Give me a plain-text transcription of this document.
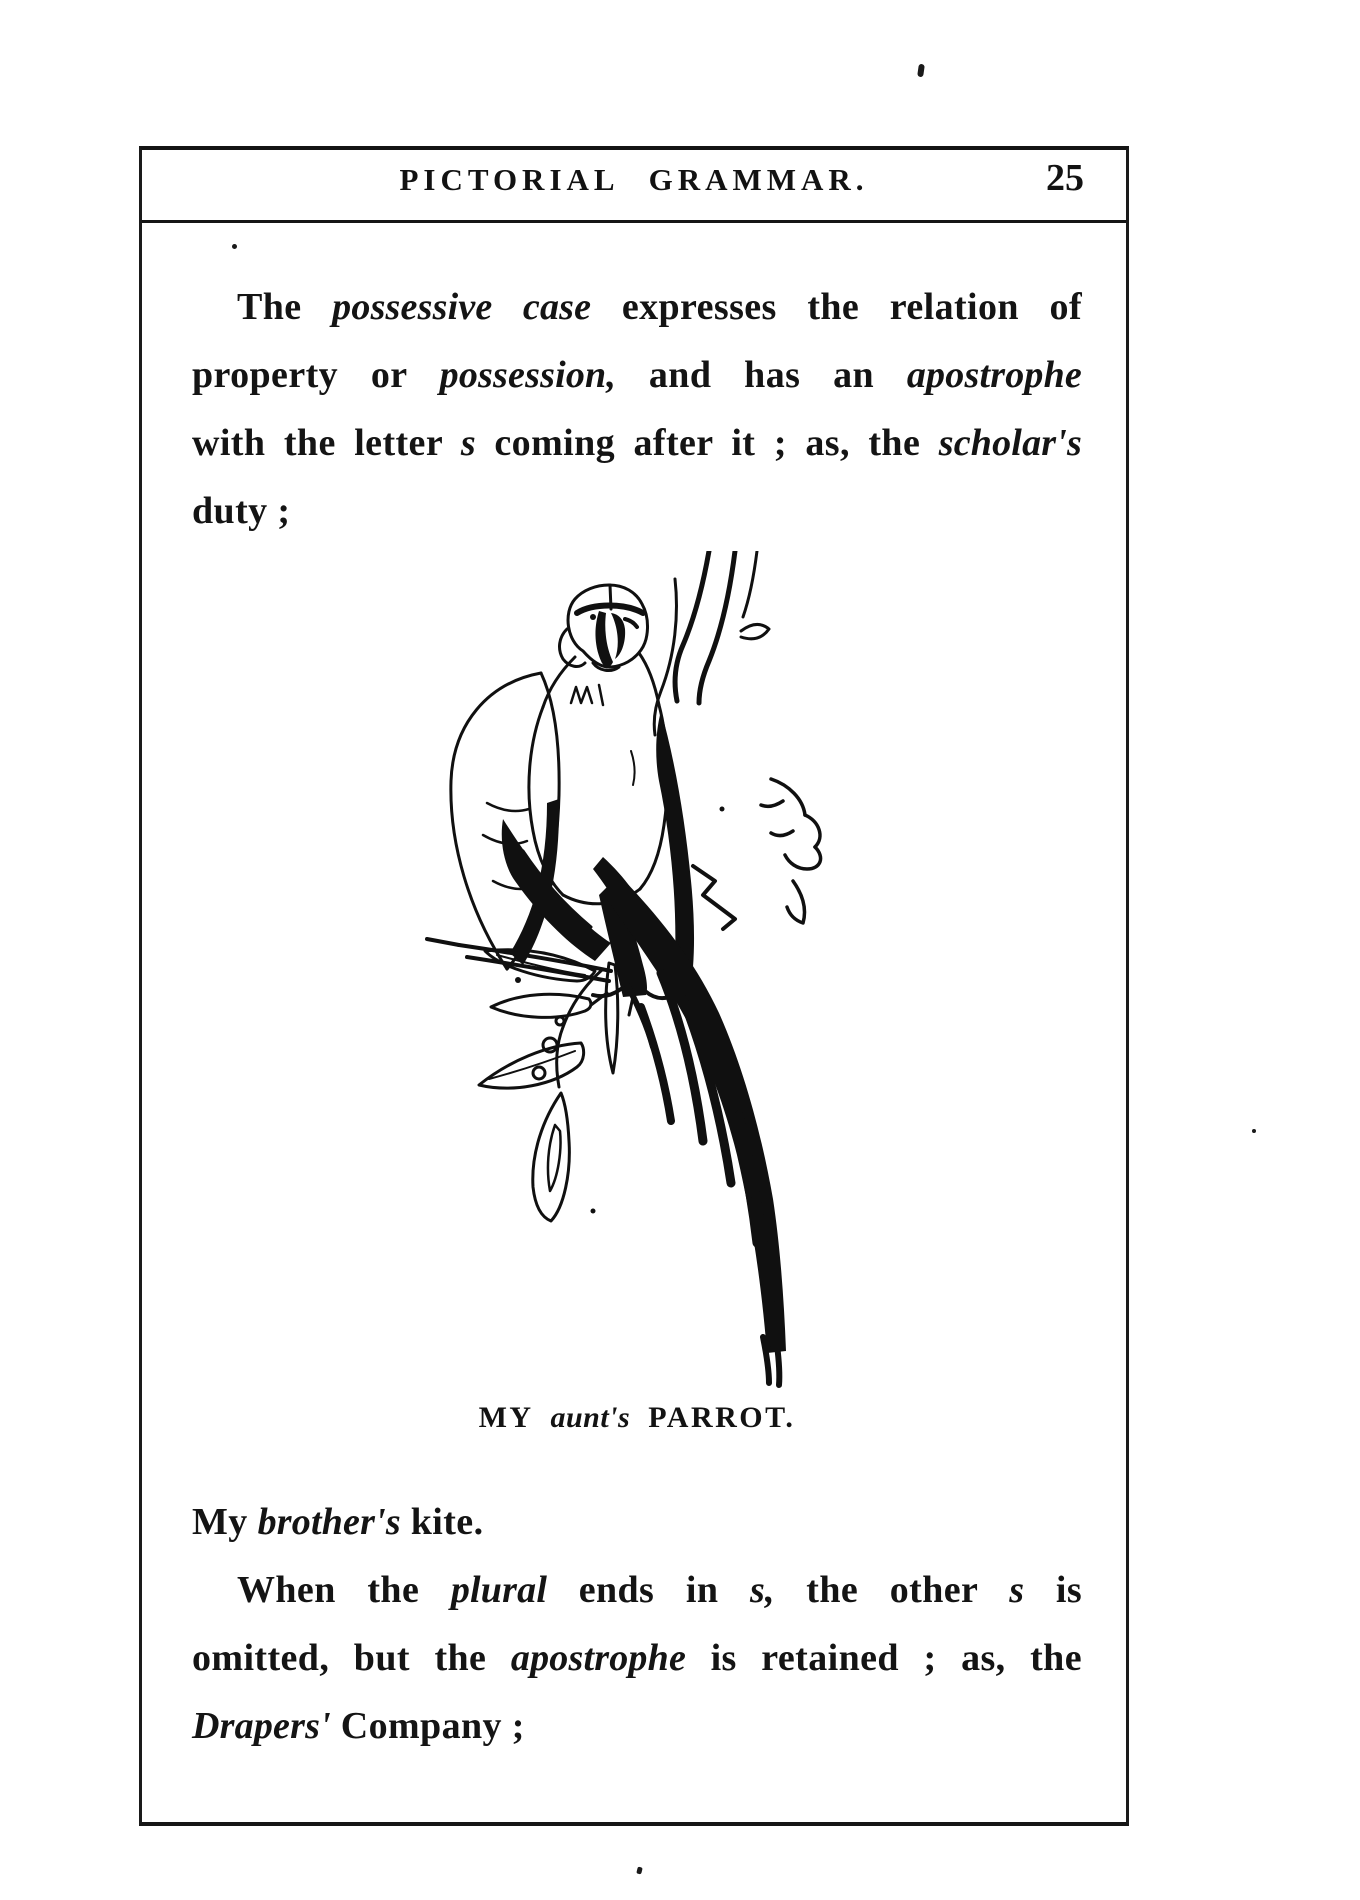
PICTORIAL GRAMMAR.	25
The possessive case expresses the relation of
property or possession, and has an apostrophe
with the letter s coming after it ; as, the scholar's
duty ;
MY aunt's PARROT.
My brother's kite.
When the plural ends in s, the other s is
omitted, but the apostrophe is retained ; as, the
Drapers' Company ;
